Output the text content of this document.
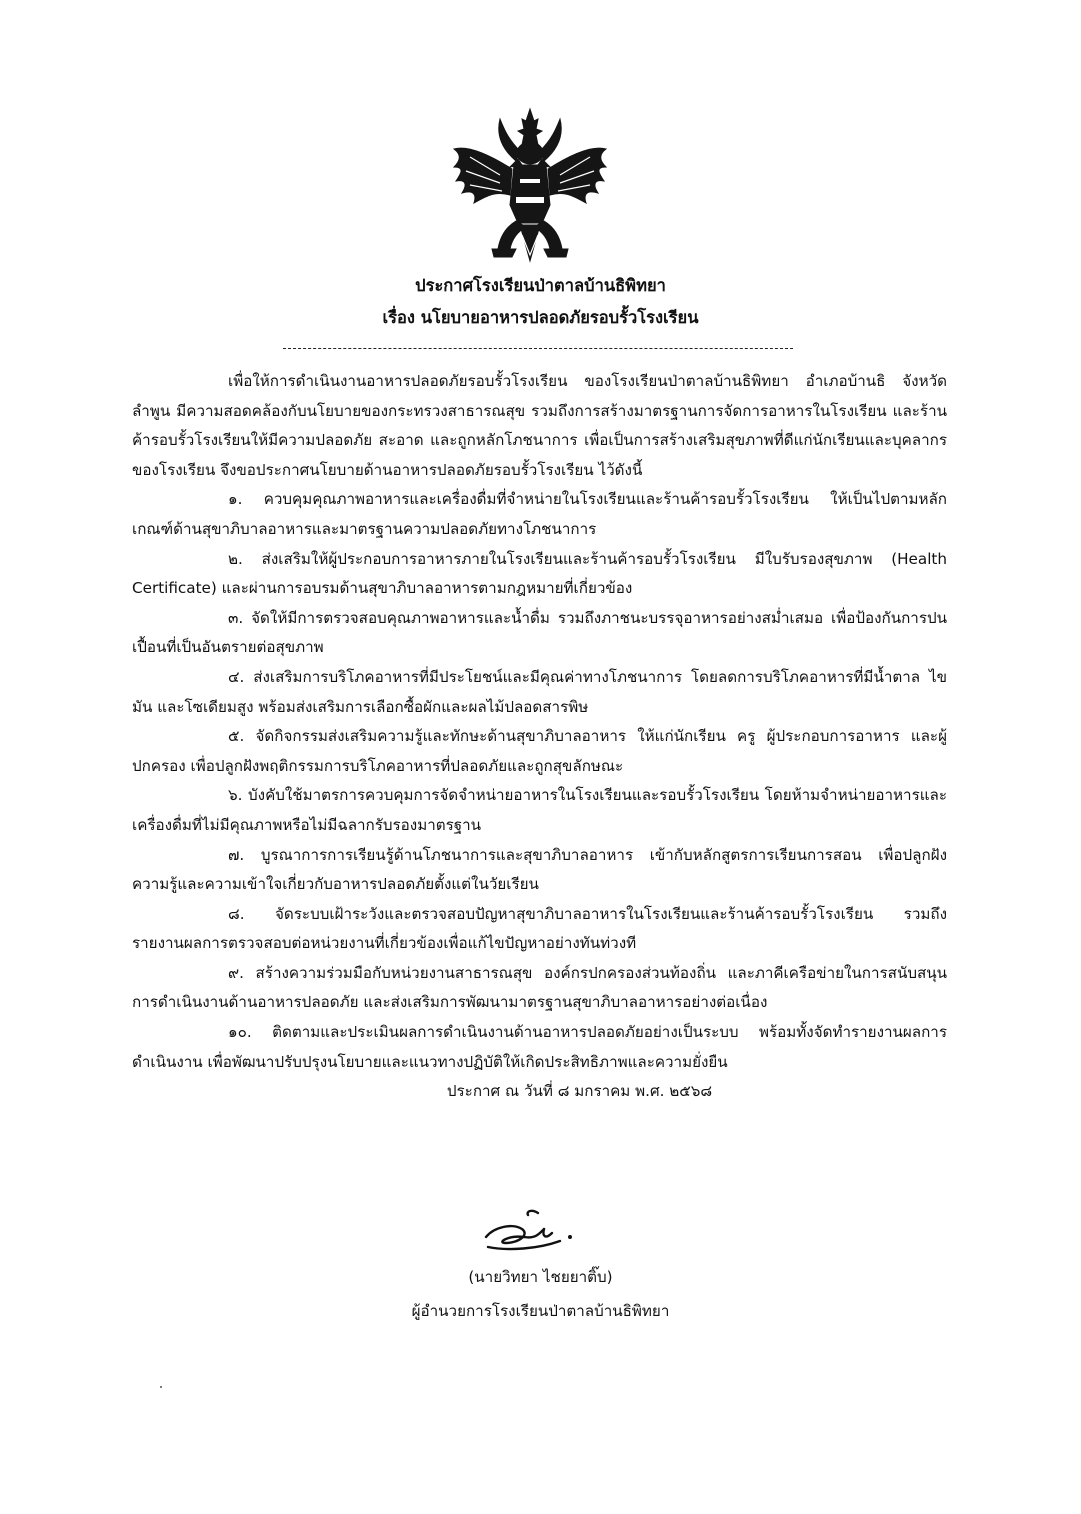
ประกาศโรงเรียนป่าตาลบ้านธิพิทยา
เรื่อง นโยบายอาหารปลอดภัยรอบรั้วโรงเรียน

เพื่อให้การดำเนินงานอาหารปลอดภัยรอบรั้วโรงเรียน ของโรงเรียนป่าตาลบ้านธิพิทยา อำเภอบ้านธิ จังหวัดลำพูน มีความสอดคล้องกับนโยบายของกระทรวงสาธารณสุข รวมถึงการสร้างมาตรฐานการจัดการอาหารในโรงเรียน และร้านค้ารอบรั้วโรงเรียนให้มีความปลอดภัย สะอาด และถูกหลักโภชนาการ เพื่อเป็นการสร้างเสริมสุขภาพที่ดีแก่นักเรียนและบุคลากรของโรงเรียน จึงขอประกาศนโยบายด้านอาหารปลอดภัยรอบรั้วโรงเรียน ไว้ดังนี้

๑. ควบคุมคุณภาพอาหารและเครื่องดื่มที่จำหน่ายในโรงเรียนและร้านค้ารอบรั้วโรงเรียน ให้เป็นไปตามหลักเกณฑ์ด้านสุขาภิบาลอาหารและมาตรฐานความปลอดภัยทางโภชนาการ

๒. ส่งเสริมให้ผู้ประกอบการอาหารภายในโรงเรียนและร้านค้ารอบรั้วโรงเรียน มีใบรับรองสุขภาพ (Health Certificate) และผ่านการอบรมด้านสุขาภิบาลอาหารตามกฎหมายที่เกี่ยวข้อง

๓. จัดให้มีการตรวจสอบคุณภาพอาหารและน้ำดื่ม รวมถึงภาชนะบรรจุอาหารอย่างสม่ำเสมอ เพื่อป้องกันการปนเปื้อนที่เป็นอันตรายต่อสุขภาพ

๔. ส่งเสริมการบริโภคอาหารที่มีประโยชน์และมีคุณค่าทางโภชนาการ โดยลดการบริโภคอาหารที่มีน้ำตาล ไขมัน และโซเดียมสูง พร้อมส่งเสริมการเลือกซื้อผักและผลไม้ปลอดสารพิษ

๕. จัดกิจกรรมส่งเสริมความรู้และทักษะด้านสุขาภิบาลอาหาร ให้แก่นักเรียน ครู ผู้ประกอบการอาหาร และผู้ปกครอง เพื่อปลูกฝังพฤติกรรมการบริโภคอาหารที่ปลอดภัยและถูกสุขลักษณะ

๖. บังคับใช้มาตรการควบคุมการจัดจำหน่ายอาหารในโรงเรียนและรอบรั้วโรงเรียน โดยห้ามจำหน่ายอาหารและเครื่องดื่มที่ไม่มีคุณภาพหรือไม่มีฉลากรับรองมาตรฐาน

๗. บูรณาการการเรียนรู้ด้านโภชนาการและสุขาภิบาลอาหาร เข้ากับหลักสูตรการเรียนการสอน เพื่อปลูกฝังความรู้และความเข้าใจเกี่ยวกับอาหารปลอดภัยตั้งแต่ในวัยเรียน

๘. จัดระบบเฝ้าระวังและตรวจสอบปัญหาสุขาภิบาลอาหารในโรงเรียนและร้านค้ารอบรั้วโรงเรียน รวมถึงรายงานผลการตรวจสอบต่อหน่วยงานที่เกี่ยวข้องเพื่อแก้ไขปัญหาอย่างทันท่วงที

๙. สร้างความร่วมมือกับหน่วยงานสาธารณสุข องค์กรปกครองส่วนท้องถิ่น และภาคีเครือข่ายในการสนับสนุนการดำเนินงานด้านอาหารปลอดภัย และส่งเสริมการพัฒนามาตรฐานสุขาภิบาลอาหารอย่างต่อเนื่อง

๑๐. ติดตามและประเมินผลการดำเนินงานด้านอาหารปลอดภัยอย่างเป็นระบบ พร้อมทั้งจัดทำรายงานผลการดำเนินงาน เพื่อพัฒนาปรับปรุงนโยบายและแนวทางปฏิบัติให้เกิดประสิทธิภาพและความยั่งยืน

ประกาศ ณ วันที่ ๘ มกราคม พ.ศ. ๒๕๖๘

(นายวิทยา ไชยยาติ๊บ)
ผู้อำนวยการโรงเรียนป่าตาลบ้านธิพิทยา
